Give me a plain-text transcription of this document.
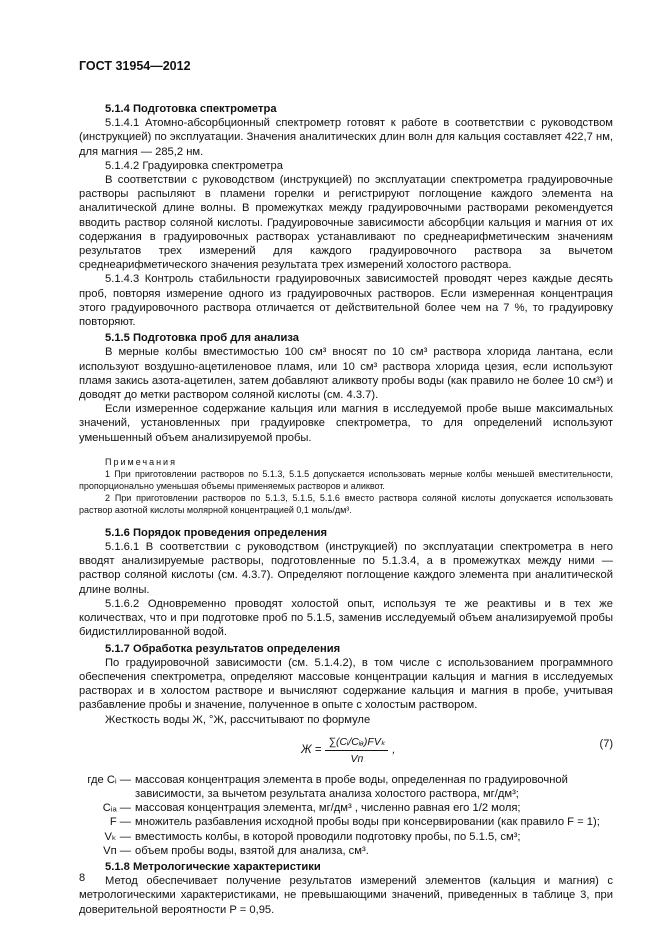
ГОСТ 31954—2012

5.1.4 Подготовка спектрометра

5.1.4.1 Атомно-абсорбционный спектрометр готовят к работе в соответствии с руководством (инструкцией) по эксплуатации. Значения аналитических длин волн для кальция составляет 422,7 нм, для магния — 285,2 нм.

5.1.4.2 Градуировка спектрометра

В соответствии с руководством (инструкцией) по эксплуатации спектрометра градуировочные растворы распыляют в пламени горелки и регистрируют поглощение каждого элемента на аналитической длине волны. В промежутках между градуировочными растворами рекомендуется вводить раствор соляной кислоты. Градуировочные зависимости абсорбции кальция и магния от их содержания в градуировочных растворах устанавливают по среднеарифметическим значениям результатов трех измерений для каждого градуировочного раствора за вычетом среднеарифметического значения результата трех измерений холостого раствора.

5.1.4.3 Контроль стабильности градуировочных зависимостей проводят через каждые десять проб, повторяя измерение одного из градуировочных растворов. Если измеренная концентрация этого градуировочного раствора отличается от действительной более чем на 7 %, то градуировку повторяют.

5.1.5 Подготовка проб для анализа

В мерные колбы вместимостью 100 см³ вносят по 10 см³ раствора хлорида лантана, если используют воздушно-ацетиленовое пламя, или 10 см³ раствора хлорида цезия, если используют пламя закись азота-ацетилен, затем добавляют аликвоту пробы воды (как правило не более 10 см³) и доводят до метки раствором соляной кислоты (см. 4.3.7).

Если измеренное содержание кальция или магния в исследуемой пробе выше максимальных значений, установленных при градуировке спектрометра, то для определений используют уменьшенный объем анализируемой пробы.

Примечания

1 При приготовлении растворов по 5.1.3, 5.1.5 допускается использовать мерные колбы меньшей вместительности, пропорционально уменьшая объемы применяемых растворов и аликвот.

2 При приготовлении растворов по 5.1.3, 5.1.5, 5.1.6 вместо раствора соляной кислоты допускается использовать раствор азотной кислоты молярной концентрацией 0,1 моль/дм³.

5.1.6 Порядок проведения определения

5.1.6.1 В соответствии с руководством (инструкцией) по эксплуатации спектрометра в него вводят анализируемые растворы, подготовленные по 5.1.3.4, а в промежутках между ними — раствор соляной кислоты (см. 4.3.7). Определяют поглощение каждого элемента при аналитической длине волны.

5.1.6.2 Одновременно проводят холостой опыт, используя те же реактивы и в тех же количествах, что и при подготовке проб по 5.1.5, заменив исследуемый объем анализируемой пробы бидистиллированной водой.

5.1.7 Обработка результатов определения

По градуировочной зависимости (см. 5.1.4.2), в том числе с использованием программного обеспечения спектрометра, определяют массовые концентрации кальция и магния в исследуемых растворах и в холостом растворе и вычисляют содержание кальция и магния в пробе, учитывая разбавление пробы и значение, полученное в опыте с холостым раствором.

Жесткость воды Ж, °Ж, рассчитывают по формуле

$Ж = \frac{\text{∑(Cᵢ/Cᵢₐ)FVₖ}}{Vп}$ ,
(7)
где Cᵢ — массовая концентрация элемента в пробе воды, определенная по градуировочной зависимости, за вычетом результата анализа холостого раствора, мг/дм³;
Cᵢₐ — массовая концентрация элемента, мг/дм³ , численно равная его 1/2 моля;
F — множитель разбавления исходной пробы воды при консервировании (как правило F = 1);
Vₖ — вместимость колбы, в которой проводили подготовку пробы, по 5.1.5, см³;
Vп — объем пробы воды, взятой для анализа, см³.

5.1.8 Метрологические характеристики

Метод обеспечивает получение результатов измерений элементов (кальция и магния) с метрологическими характеристиками, не превышающими значений, приведенных в таблице 3, при доверительной вероятности P = 0,95.

8
